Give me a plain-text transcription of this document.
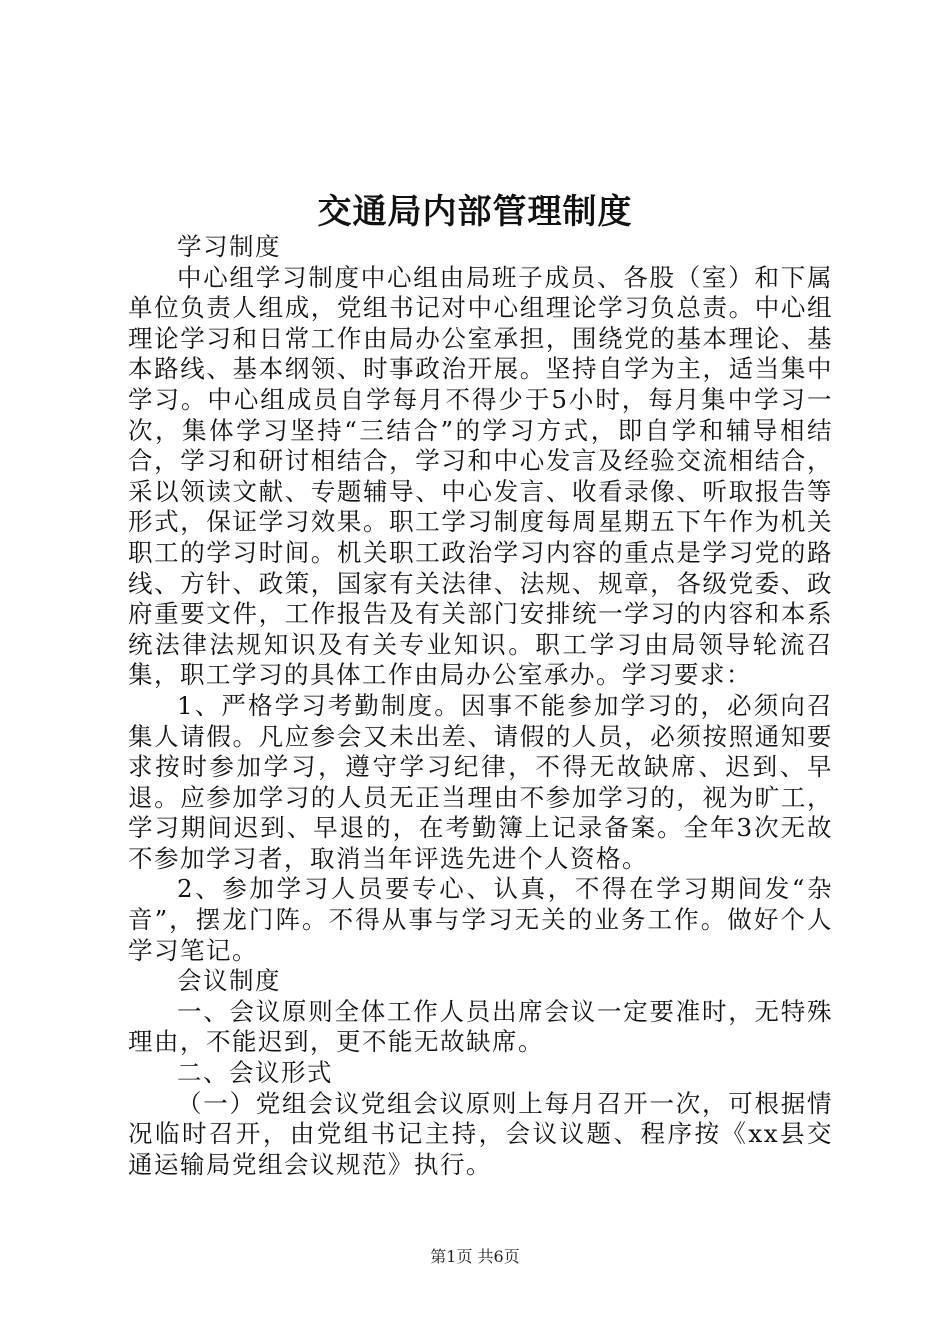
交通局内部管理制度

学习制度

中心组学习制度中心组由局班子成员、各股（室）和下属单位负责人组成，党组书记对中心组理论学习负总责。中心组理论学习和日常工作由局办公室承担，围绕党的基本理论、基本路线、基本纲领、时事政治开展。坚持自学为主，适当集中学习。中心组成员自学每月不得少于5小时，每月集中学习一次，集体学习坚持“三结合”的学习方式，即自学和辅导相结合，学习和研讨相结合，学习和中心发言及经验交流相结合，采以领读文献、专题辅导、中心发言、收看录像、听取报告等形式，保证学习效果。职工学习制度每周星期五下午作为机关职工的学习时间。机关职工政治学习内容的重点是学习党的路线、方针、政策，国家有关法律、法规、规章，各级党委、政府重要文件，工作报告及有关部门安排统一学习的内容和本系统法律法规知识及有关专业知识。职工学习由局领导轮流召集，职工学习的具体工作由局办公室承办。学习要求：

1、严格学习考勤制度。因事不能参加学习的，必须向召集人请假。凡应参会又未出差、请假的人员，必须按照通知要求按时参加学习，遵守学习纪律，不得无故缺席、迟到、早退。应参加学习的人员无正当理由不参加学习的，视为旷工，学习期间迟到、早退的，在考勤簿上记录备案。全年3次无故不参加学习者，取消当年评选先进个人资格。

2、参加学习人员要专心、认真，不得在学习期间发“杂音”，摆龙门阵。不得从事与学习无关的业务工作。做好个人学习笔记。

会议制度

一、会议原则全体工作人员出席会议一定要准时，无特殊理由，不能迟到，更不能无故缺席。

二、会议形式

（一）党组会议党组会议原则上每月召开一次，可根据情况临时召开，由党组书记主持，会议议题、程序按《xx县交通运输局党组会议规范》执行。

第1页 共6页
